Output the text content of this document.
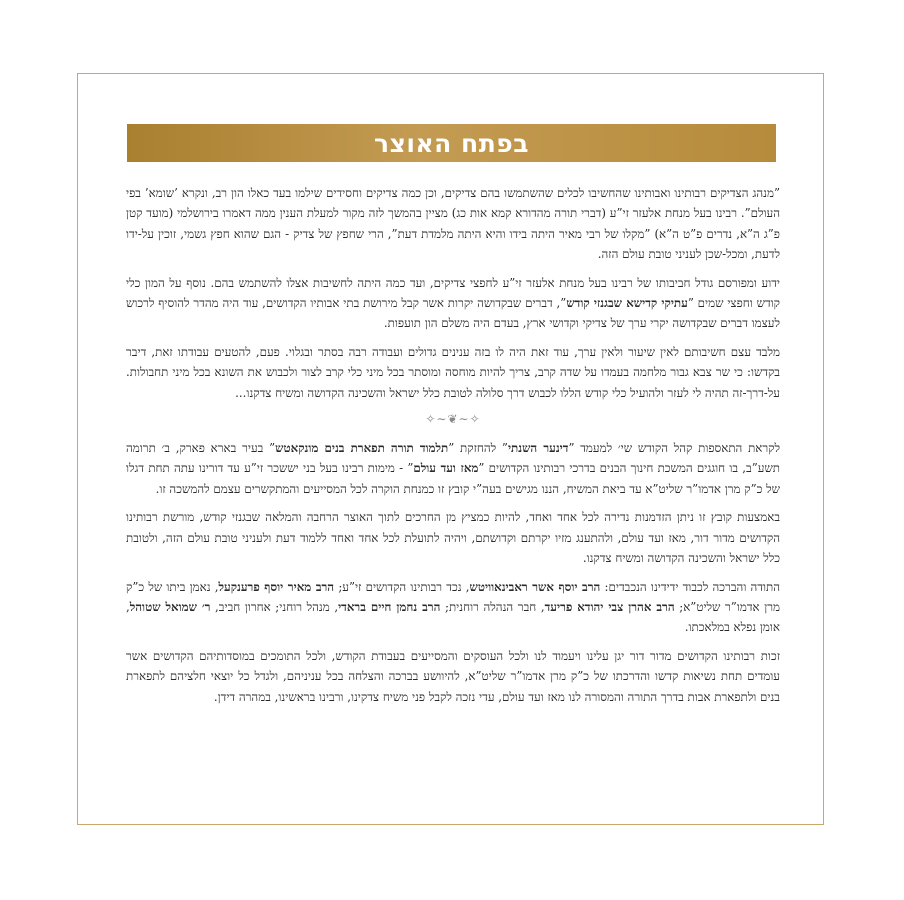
בפתח האוצר

”מנהג הצדיקים רבותינו ואבותינו שהחשיבו לכלים שהשתמשו בהם צדיקים, וכן כמה צדיקים וחסידים שילמו בעד כאלו הון רב, ונקרא ’שומא’ בפי העולם”. רבינו בעל מנחת אלעזר זי”ע (דברי תורה מהדורא קמא אות כג) מציין בהמשך לזה מקור למעלת הענין ממה דאמרו בירושלמי (מועד קטן פ”ג ה”א, נדרים פ”ט ה”א) ”מקלו של רבי מאיר היתה בידו והיא היתה מלמדת דעת”, הרי שחפץ של צדיק - הגם שהוא חפץ גשמי, זוכין על-ידו לדעת, ומכל-שכן לעניני טובת עולם הזה.

ידוע ומפורסם גודל חביבותו של רבינו בעל מנחת אלעזר זי”ע לחפצי צדיקים, ועד כמה היתה לחשיבות אצלו להשתמש בהם. נוסף על המון כלי קודש וחפצי שמים ”עתיקי קדישא שבגנזי קודש”, דברים שבקדושה יקרות אשר קבל מירושת בתי אבותיו הקדושים, עוד היה מהדר להוסיף לרכוש לעצמו דברים שבקדושה יקרי ערך של צדיקי וקדושי ארץ, בעדם היה משלם הון תועפות.

מלבד עצם חשיבותם לאין שיעור ולאין ערך, עוד זאת היה לו בזה ענינים גדולים ועבודה רבה בסתר ובגלוי. פעם, להטעים עבודתו זאת, דיבר בקדשו: כי שר צבא גבור מלחמה בעמדו על שדה קרב, צריך להיות מוחסה ומוסתר בכל מיני כלי קרב לצור ולכבוש את השונא בכל מיני תחבולות. על-דרך-זה תהיה לי לעזר ולהועיל כלי קודש הללו לכבוש דרך סלולה לטובת כלל ישראל והשכינה הקדושה ומשיח צדקנו...

✧∽❦∽✧

לקראת התאספות קהל הקודש שי׳ למעמד ”דינער השנתי” להחזקת ”תלמוד תורה תפארת בנים מונקאטש” בעיר בארא פארק, ב׳ תרומה תשע”ב, בו חוגגים המשכת חינוך הבנים בדרכי רבותינו הקדושים ”מאז ועד עולם” - מימות רבינו בעל בני יששכר זי”ע עד דורינו עתה תחת דגלו של כ”ק מרן אדמו”ר שליט”א עד ביאת המשיח, הננו מגישים בעה”י קובץ זו כמנחת הוקרה לכל המסייעים והמתקשרים עצמם להמשכה זו.

באמצעות קובץ זו ניתן הזדמנות נדירה לכל אחד ואחד, להיות כמציץ מן החרכים לתוך האוצר הרחבה והמלאה שבגנזי קודש, מורשת רבותינו הקדושים מדור דור, מאז ועד עולם, ולהתענג מזיו יקרתם וקדושתם, ויהיה לתועלת לכל אחד ואחד ללמוד דעת ולעניני טובת עולם הזה, ולטובת כלל ישראל והשכינה הקדושה ומשיח צדקנו.

התודה והברכה לכבוד ידידינו הנכבדים: הרב יוסף אשר ראבינאוויטש, נכד רבותינו הקדושים זי”ע; הרב מאיר יוסף פרענקעל, נאמן ביתו של כ”ק מרן אדמו”ר שליט”א; הרב אהרן צבי יהודא פריעד, חבר הנהלה רוחנית; הרב נחמן חיים בראדי, מנהל רוחני; אחרון חביב, ר׳ שמואל שטוהל, אומן נפלא במלאכתו.

זכות רבותינו הקדושים מדור דור יגן עלינו ויעמוד לנו ולכל העוסקים והמסייעים בעבודת הקודש, ולכל התומכים במוסדותיהם הקדושים אשר עומדים תחת נשיאות קדשו והדרכתו של כ”ק מרן אדמו”ר שליט”א, להיוושע בברכה והצלחה בכל עניניהם, ולגדל כל יוצאי חלציהם לתפארת בנים ולתפארת אבות בדרך התורה והמסורה לנו מאז ועד עולם, עדי נזכה לקבל פני משיח צדקינו, ורבינו בראשינו, במהרה דידן.
